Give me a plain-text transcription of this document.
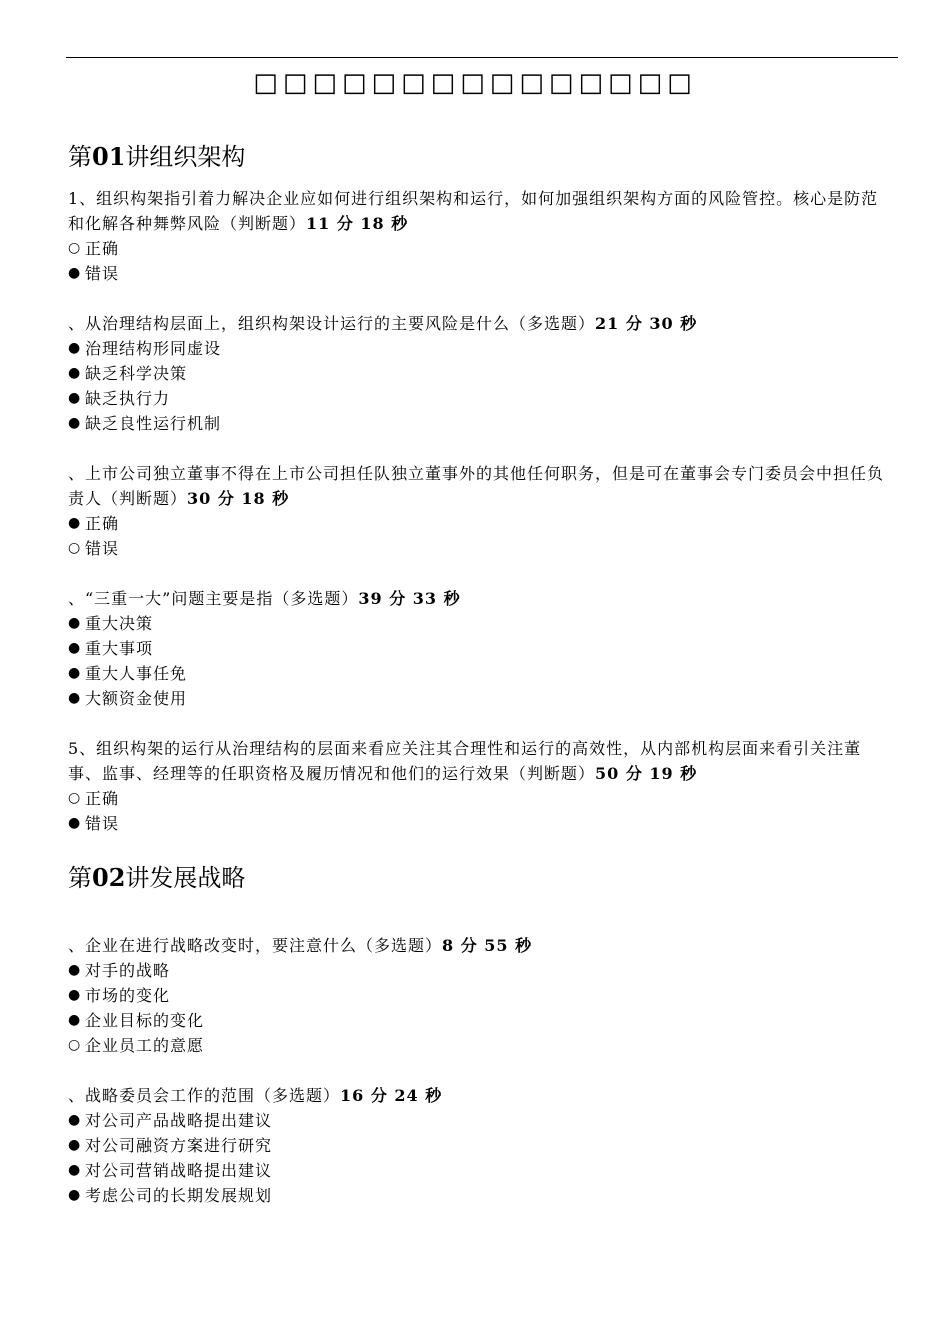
□□□□□□□□□□□□□□□
第01讲组织架构
1、组织构架指引着力解决企业应如何进行组织架构和运行，如何加强组织架构方面的风险管控。核心是防范和化解各种舞弊风险（判断题）11 分 18 秒
○ 正确
● 错误
、从治理结构层面上，组织构架设计运行的主要风险是什么（多选题）21 分 30 秒
● 治理结构形同虚设
● 缺乏科学决策
● 缺乏执行力
● 缺乏良性运行机制
、上市公司独立董事不得在上市公司担任队独立董事外的其他任何职务，但是可在董事会专门委员会中担任负责人（判断题）30 分 18 秒
● 正确
○ 错误
、“三重一大”问题主要是指（多选题）39 分 33 秒
● 重大决策
● 重大事项
● 重大人事任免
● 大额资金使用
5、组织构架的运行从治理结构的层面来看应关注其合理性和运行的高效性，从内部机构层面来看引关注董事、监事、经理等的任职资格及履历情况和他们的运行效果（判断题）50 分 19 秒
○ 正确
● 错误
第02讲发展战略
、企业在进行战略改变时，要注意什么（多选题）8 分 55 秒
● 对手的战略
● 市场的变化
● 企业目标的变化
○ 企业员工的意愿
、战略委员会工作的范围（多选题）16 分 24 秒
● 对公司产品战略提出建议
● 对公司融资方案进行研究
● 对公司营销战略提出建议
● 考虑公司的长期发展规划
